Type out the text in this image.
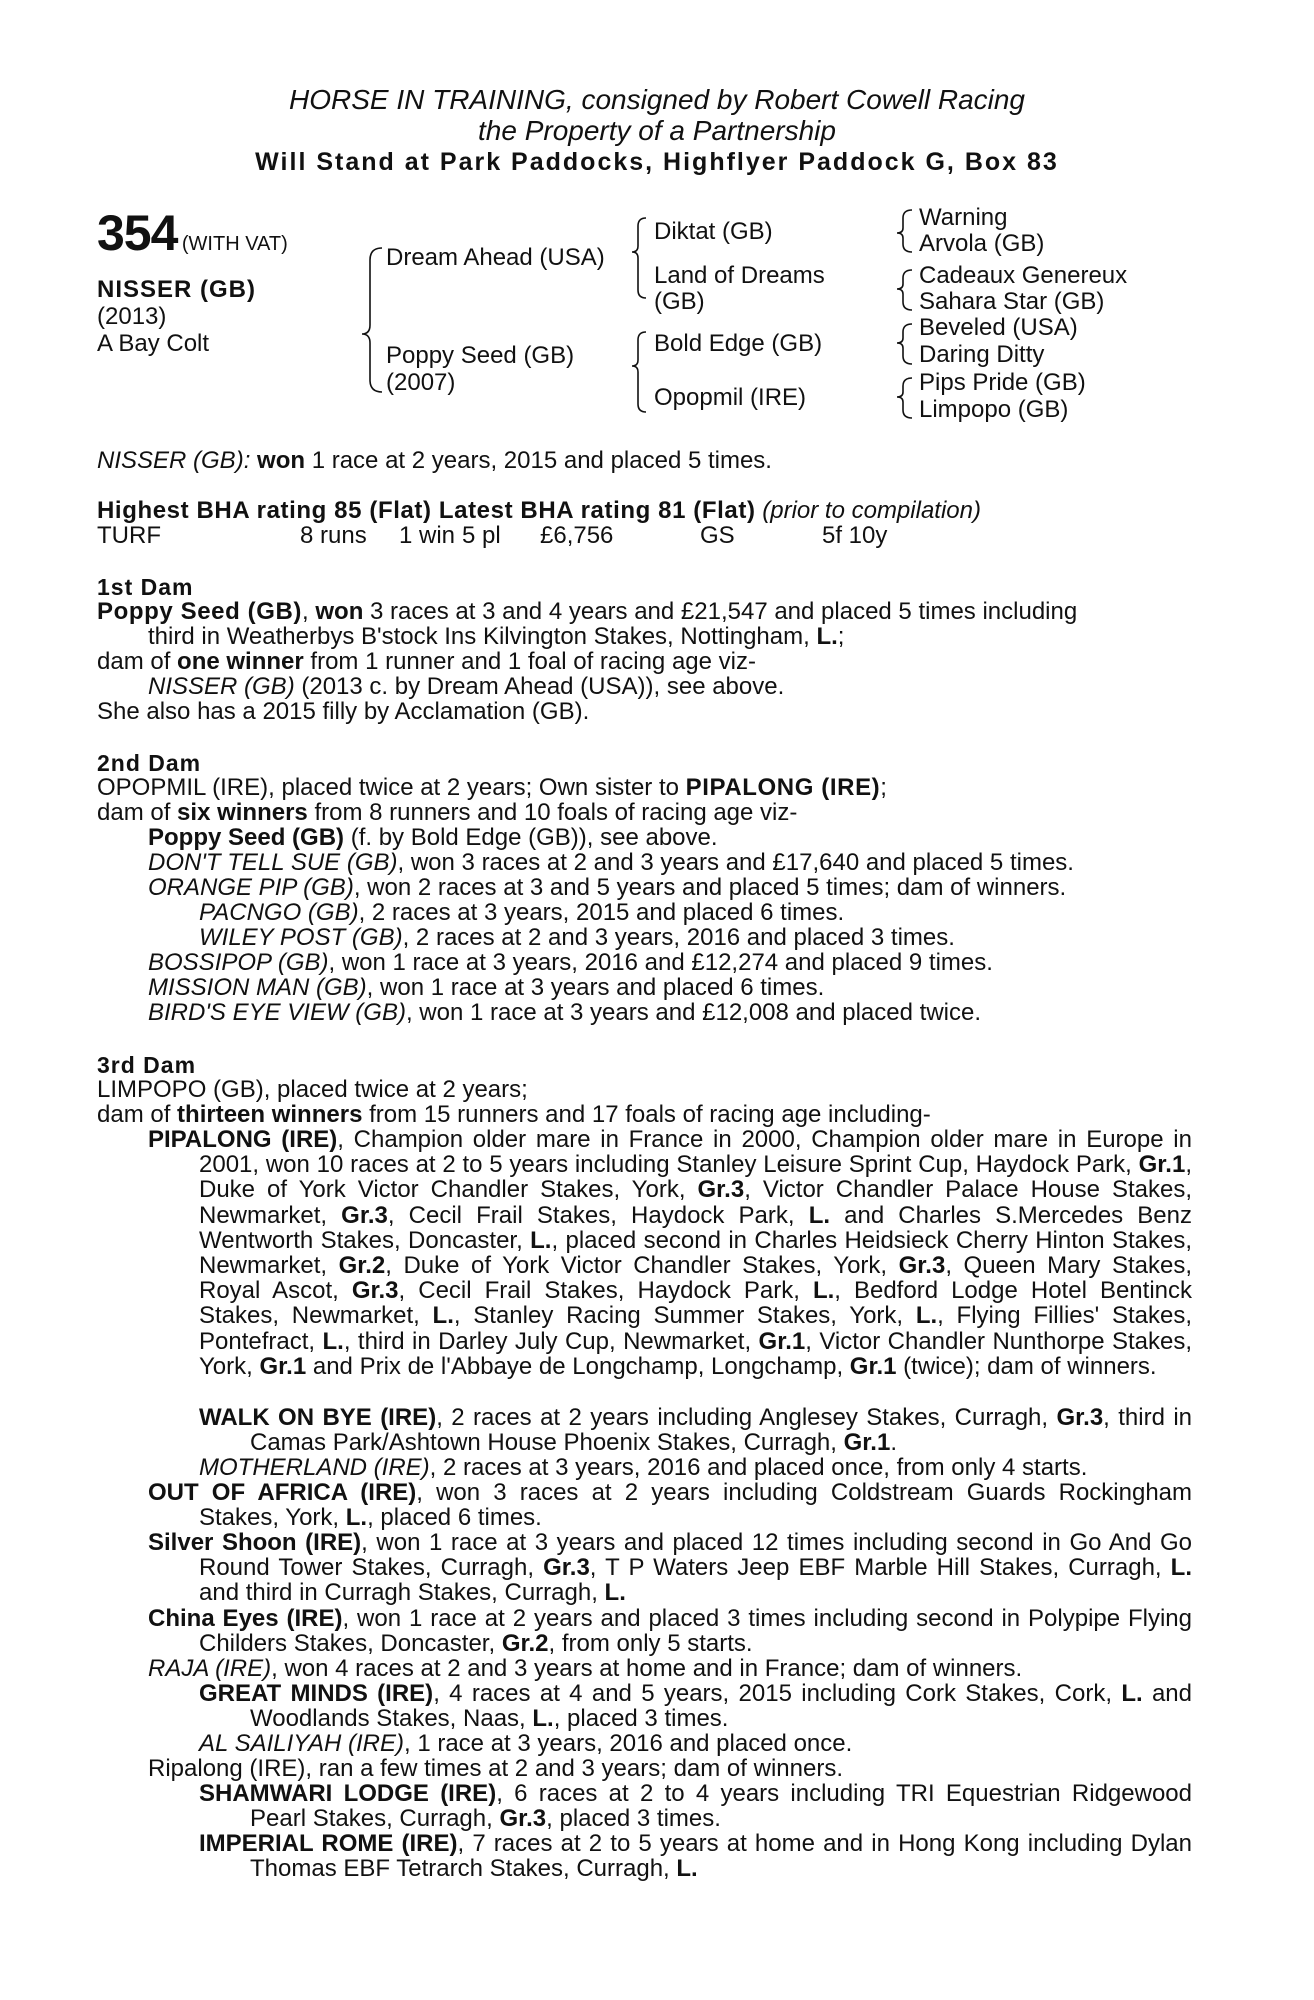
HORSE IN TRAINING, consigned by Robert Cowell Racing
the Property of a Partnership
Will Stand at Park Paddocks, Highflyer Paddock G, Box 83
354 (WITH VAT)
NISSER (GB)
(2013)
A Bay Colt
Dream Ahead (USA)
Poppy Seed (GB)
(2007)
Diktat (GB)
Land of Dreams
(GB)
Bold Edge (GB)
Opopmil (IRE)
Warning
Arvola (GB)
Cadeaux Genereux
Sahara Star (GB)
Beveled (USA)
Daring Ditty
Pips Pride (GB)
Limpopo (GB)
NISSER (GB): won 1 race at 2 years, 2015 and placed 5 times.
Highest BHA rating 85 (Flat) Latest BHA rating 81 (Flat) (prior to compilation)
TURF	8 runs 1 win 5 pl £6,756	GS	5f 10y
1st Dam
Poppy Seed (GB), won 3 races at 3 and 4 years and £21,547 and placed 5 times including
third in Weatherbys B'stock Ins Kilvington Stakes, Nottingham, L.;
dam of one winner from 1 runner and 1 foal of racing age viz-
NISSER (GB) (2013 c. by Dream Ahead (USA)), see above.
She also has a 2015 filly by Acclamation (GB).
2nd Dam
OPOPMIL (IRE), placed twice at 2 years; Own sister to PIPALONG (IRE);
dam of six winners from 8 runners and 10 foals of racing age viz-
Poppy Seed (GB) (f. by Bold Edge (GB)), see above.
DON'T TELL SUE (GB), won 3 races at 2 and 3 years and £17,640 and placed 5 times.
ORANGE PIP (GB), won 2 races at 3 and 5 years and placed 5 times; dam of winners.
PACNGO (GB), 2 races at 3 years, 2015 and placed 6 times.
WILEY POST (GB), 2 races at 2 and 3 years, 2016 and placed 3 times.
BOSSIPOP (GB), won 1 race at 3 years, 2016 and £12,274 and placed 9 times.
MISSION MAN (GB), won 1 race at 3 years and placed 6 times.
BIRD'S EYE VIEW (GB), won 1 race at 3 years and £12,008 and placed twice.
3rd Dam
LIMPOPO (GB), placed twice at 2 years;
dam of thirteen winners from 15 runners and 17 foals of racing age including-
PIPALONG (IRE), Champion older mare in France in 2000, Champion older mare in Europe in 2001, won 10 races at 2 to 5 years including Stanley Leisure Sprint Cup, Haydock Park, Gr.1, Duke of York Victor Chandler Stakes, York, Gr.3, Victor Chandler Palace House Stakes, Newmarket, Gr.3, Cecil Frail Stakes, Haydock Park, L. and Charles S.Mercedes Benz Wentworth Stakes, Doncaster, L., placed second in Charles Heidsieck Cherry Hinton Stakes, Newmarket, Gr.2, Duke of York Victor Chandler Stakes, York, Gr.3, Queen Mary Stakes, Royal Ascot, Gr.3, Cecil Frail Stakes, Haydock Park, L., Bedford Lodge Hotel Bentinck Stakes, Newmarket, L., Stanley Racing Summer Stakes, York, L., Flying Fillies' Stakes, Pontefract, L., third in Darley July Cup, Newmarket, Gr.1, Victor Chandler Nunthorpe Stakes, York, Gr.1 and Prix de l'Abbaye de Longchamp, Longchamp, Gr.1 (twice); dam of winners.
WALK ON BYE (IRE), 2 races at 2 years including Anglesey Stakes, Curragh, Gr.3, third in Camas Park/Ashtown House Phoenix Stakes, Curragh, Gr.1.
MOTHERLAND (IRE), 2 races at 3 years, 2016 and placed once, from only 4 starts.
OUT OF AFRICA (IRE), won 3 races at 2 years including Coldstream Guards Rockingham Stakes, York, L., placed 6 times.
Silver Shoon (IRE), won 1 race at 3 years and placed 12 times including second in Go And Go Round Tower Stakes, Curragh, Gr.3, T P Waters Jeep EBF Marble Hill Stakes, Curragh, L. and third in Curragh Stakes, Curragh, L.
China Eyes (IRE), won 1 race at 2 years and placed 3 times including second in Polypipe Flying Childers Stakes, Doncaster, Gr.2, from only 5 starts.
RAJA (IRE), won 4 races at 2 and 3 years at home and in France; dam of winners.
GREAT MINDS (IRE), 4 races at 4 and 5 years, 2015 including Cork Stakes, Cork, L. and Woodlands Stakes, Naas, L., placed 3 times.
AL SAILIYAH (IRE), 1 race at 3 years, 2016 and placed once.
Ripalong (IRE), ran a few times at 2 and 3 years; dam of winners.
SHAMWARI LODGE (IRE), 6 races at 2 to 4 years including TRI Equestrian Ridgewood Pearl Stakes, Curragh, Gr.3, placed 3 times.
IMPERIAL ROME (IRE), 7 races at 2 to 5 years at home and in Hong Kong including Dylan Thomas EBF Tetrarch Stakes, Curragh, L.
